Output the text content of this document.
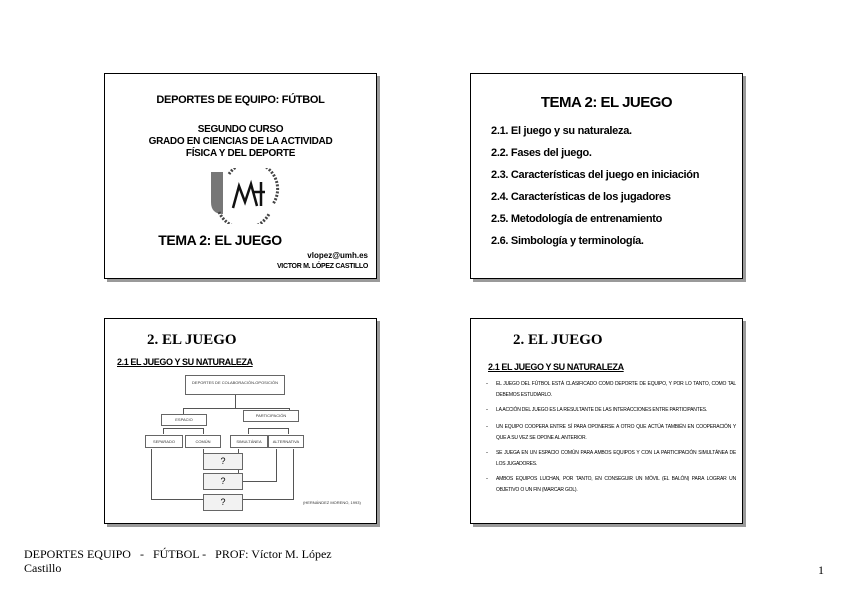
DEPORTES DE EQUIPO: FÚTBOL
SEGUNDO CURSO
GRADO EN CIENCIAS DE LA ACTIVIDAD
FÍSICA Y DEL DEPORTE
TEMA 2: EL JUEGO
vlopez@umh.es
VICTOR M. LÓPEZ CASTILLO
TEMA 2: EL JUEGO
2.1. El juego y su naturaleza.
2.2. Fases del juego.
2.3. Características del juego en iniciación
2.4. Características de los jugadores
2.5. Metodología de entrenamiento
2.6. Simbología y terminología.
2. EL JUEGO
2.1 EL JUEGO Y SU NATURALEZA
DEPORTES DE COLABORACIÓN-OPOSICIÓN
ESPACIO
PARTICIPACIÓN
SEPARADO	COMÚN	SIMULTÁNEA	ALTERNATIVA
?
?
?	(HERNÁNDEZ MORENO, 1993)
2. EL JUEGO
2.1 EL JUEGO Y SU NATURALEZA
- EL JUEGO DEL FÚTBOL ESTÁ CLASIFICADO COMO DEPORTE DE EQUIPO, Y POR LO TANTO, COMO TAL DEBEMOS ESTUDIARLO.
- LA ACCIÓN DEL JUEGO ES LA RESULTANTE DE LAS INTERACCIONES ENTRE PARTICIPANTES.
- UN EQUIPO COOPERA ENTRE SÍ PARA OPONERSE A OTRO QUE ACTÚA TAMBIÉN EN COOPERACIÓN Y QUE A SU VEZ SE OPONE AL ANTERIOR.
- SE JUEGA EN UN ESPACIO COMÚN PARA AMBOS EQUIPOS Y CON LA PARTICIPACIÓN SIMULTÁNEA DE LOS JUGADORES.
- AMBOS EQUIPOS LUCHAN, POR TANTO, EN CONSEGUIR UN MÓVIL (EL BALÓN) PARA LOGRAR UN OBJETIVO O UN FIN (MARCAR GOL).
DEPORTES EQUIPO   -   FÚTBOL -   PROF: Víctor M. López
Castillo	1
